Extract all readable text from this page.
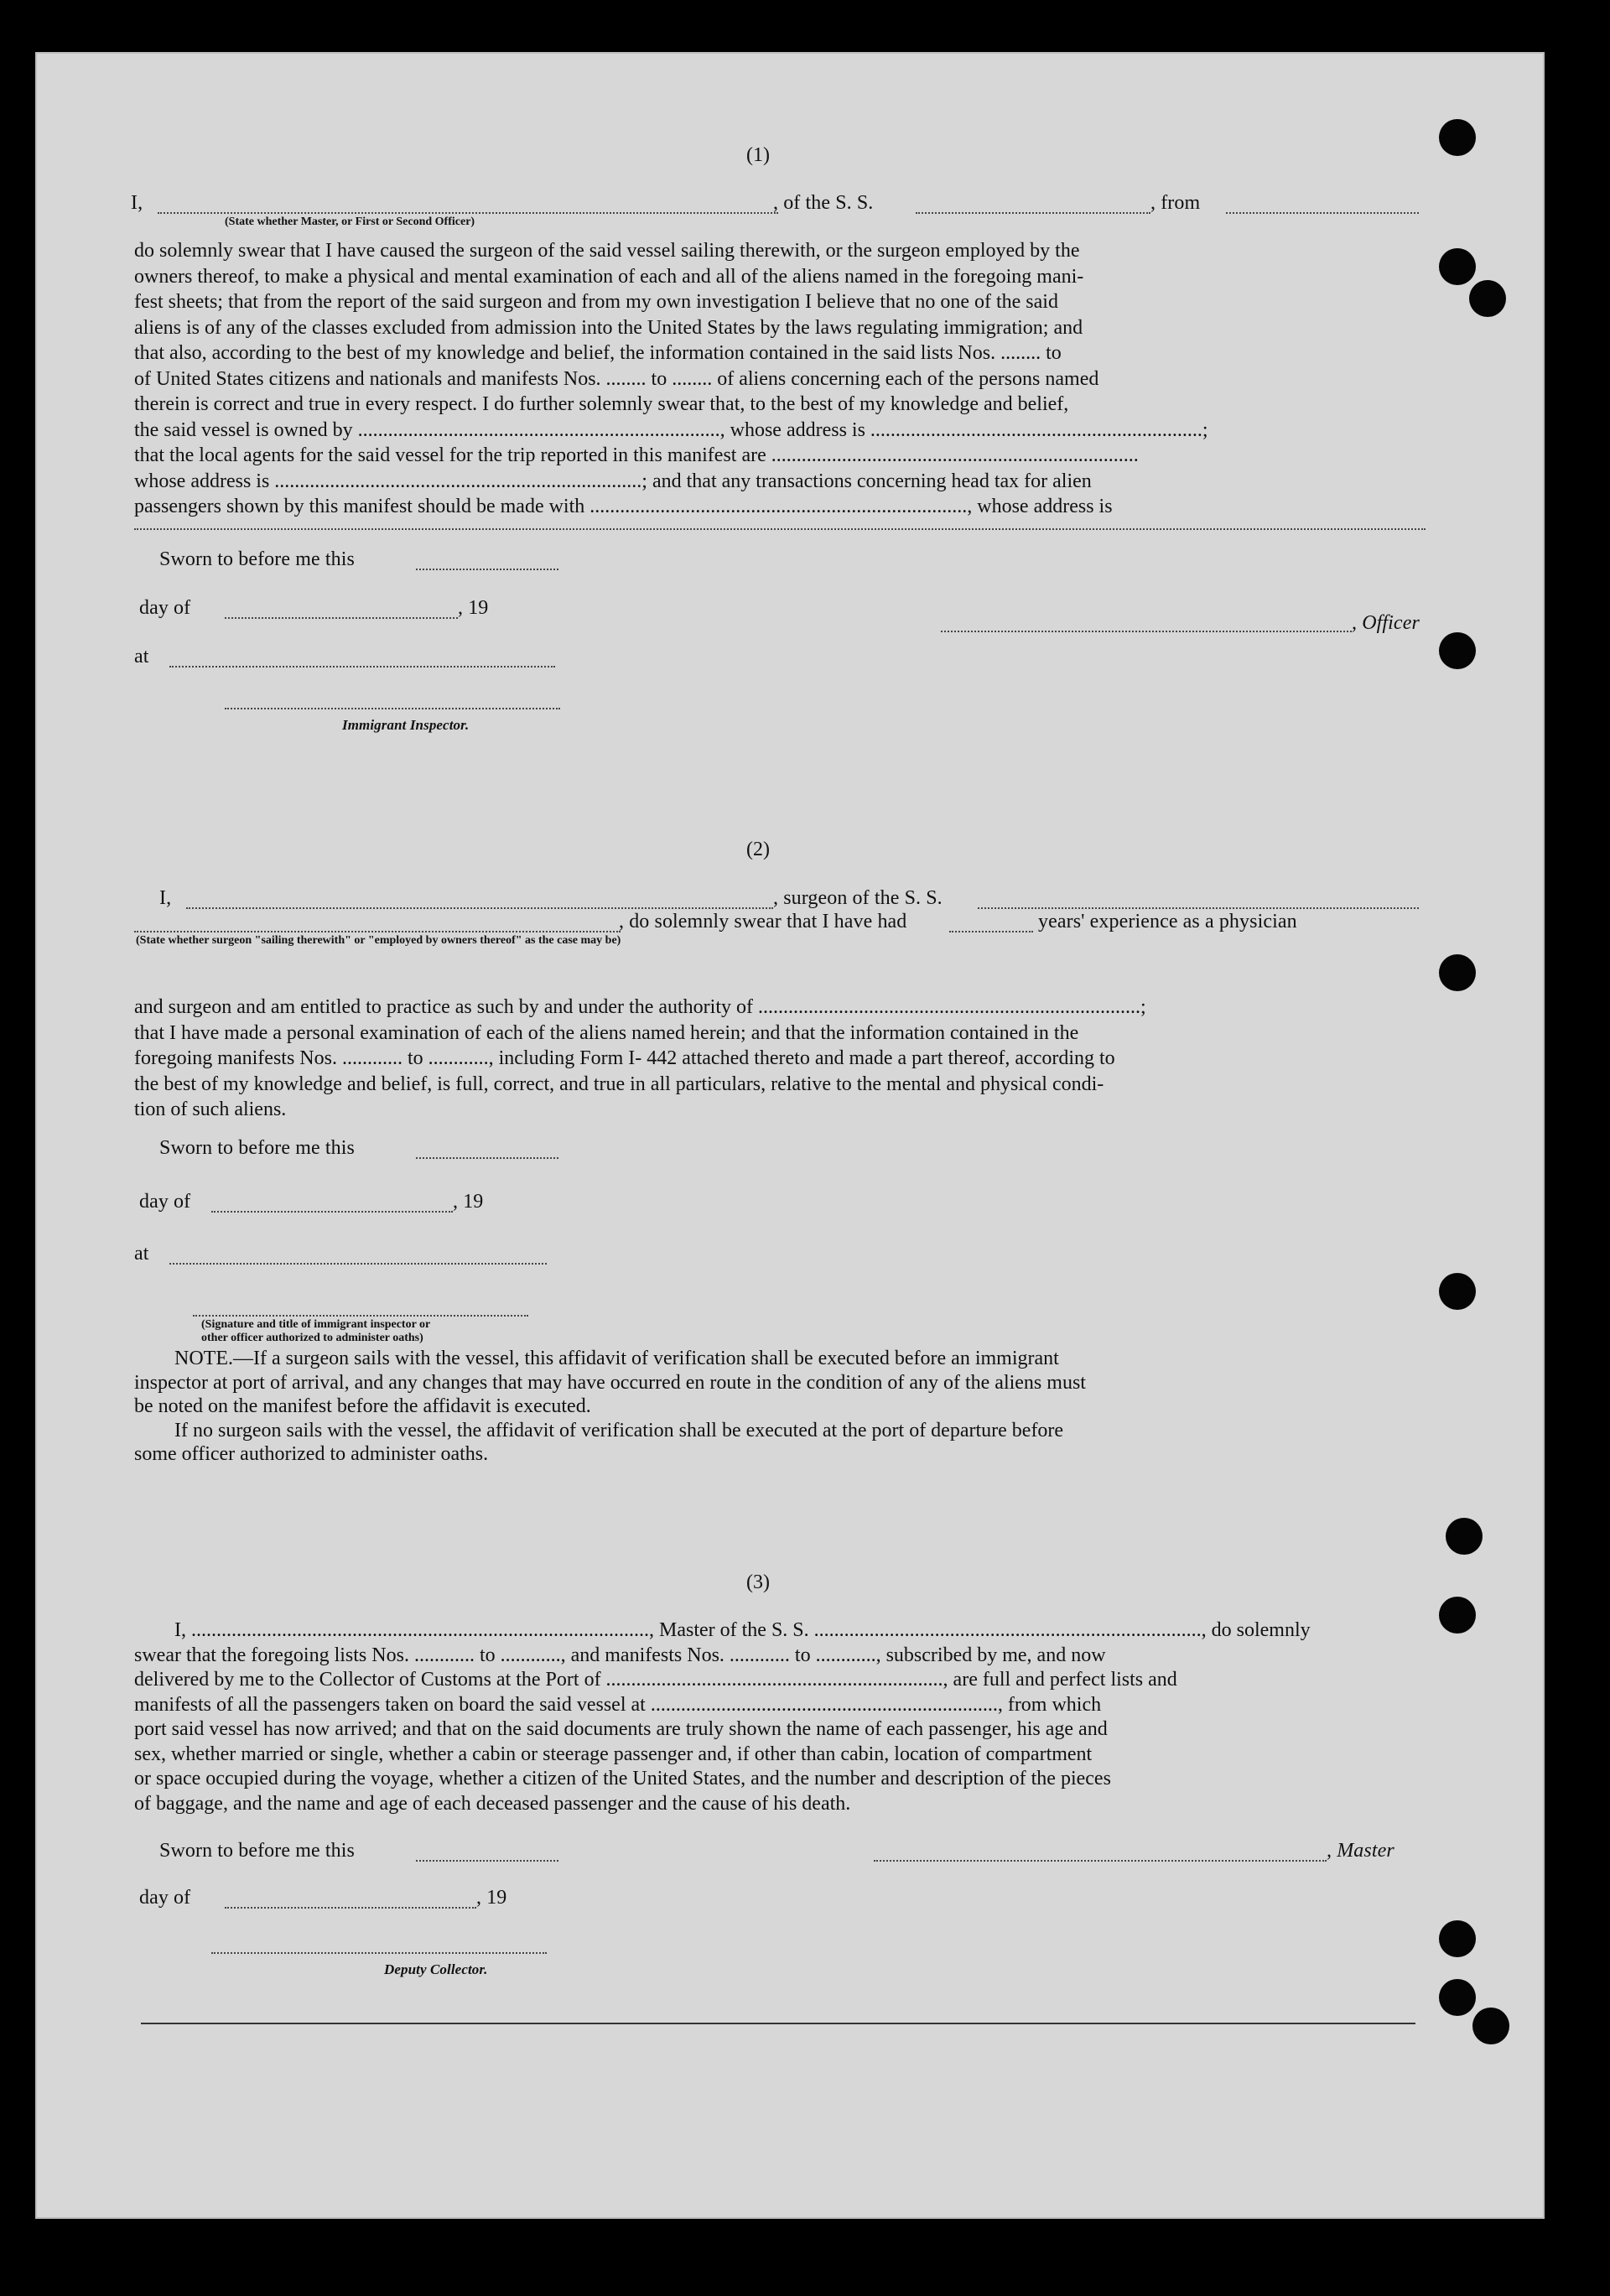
(1)
I,	, of the S. S.	, from
(State whether Master, or First or Second Officer)
do solemnly swear that I have caused the surgeon of the said vessel sailing therewith, or the surgeon employed by the
owners thereof, to make a physical and mental examination of each and all of the aliens named in the foregoing mani-
fest sheets; that from the report of the said surgeon and from my own investigation I believe that no one of the said
aliens is of any of the classes excluded from admission into the United States by the laws regulating immigration; and
that also, according to the best of my knowledge and belief, the information contained in the said lists Nos. ........ to
of United States citizens and nationals and manifests Nos. ........ to ........ of aliens concerning each of the persons named
therein is correct and true in every respect. I do further solemnly swear that, to the best of my knowledge and belief,
the said vessel is owned by ........................................................................, whose address is ..................................................................;
that the local agents for the said vessel for the trip reported in this manifest are .........................................................................
whose address is .........................................................................; and that any transactions concerning head tax for alien
passengers shown by this manifest should be made with ..........................................................................., whose address is
Sworn to before me this
day of	, 19
at
, Officer
Immigrant Inspector.
(2)
I,	, surgeon of the S. S.
, do solemnly swear that I have had	years' experience as a physician
(State whether surgeon "sailing therewith" or "employed by owners thereof" as the case may be)
and surgeon and am entitled to practice as such by and under the authority of ............................................................................;
that I have made a personal examination of each of the aliens named herein; and that the information contained in the
foregoing manifests Nos. ............ to ............, including Form I- 442 attached thereto and made a part thereof, according to
the best of my knowledge and belief, is full, correct, and true in all particulars, relative to the mental and physical condi-
tion of such aliens.
Sworn to before me this
day of	, 19
at
(Signature and title of immigrant inspector or
other officer authorized to administer oaths)
NOTE.—If a surgeon sails with the vessel, this affidavit of verification shall be executed before an immigrant
inspector at port of arrival, and any changes that may have occurred en route in the condition of any of the aliens must
be noted on the manifest before the affidavit is executed.
If no surgeon sails with the vessel, the affidavit of verification shall be executed at the port of departure before
some officer authorized to administer oaths.
(3)
I, ..........................................................................................., Master of the S. S. ............................................................................., do solemnly
swear that the foregoing lists Nos. ............ to ............, and manifests Nos. ............ to ............, subscribed by me, and now
delivered by me to the Collector of Customs at the Port of ..................................................................., are full and perfect lists and
manifests of all the passengers taken on board the said vessel at ....................................................................., from which
port said vessel has now arrived; and that on the said documents are truly shown the name of each passenger, his age and
sex, whether married or single, whether a cabin or steerage passenger and, if other than cabin, location of compartment
or space occupied during the voyage, whether a citizen of the United States, and the number and description of the pieces
of baggage, and the name and age of each deceased passenger and the cause of his death.
Sworn to before me this	, Master
day of	, 19
Deputy Collector.
